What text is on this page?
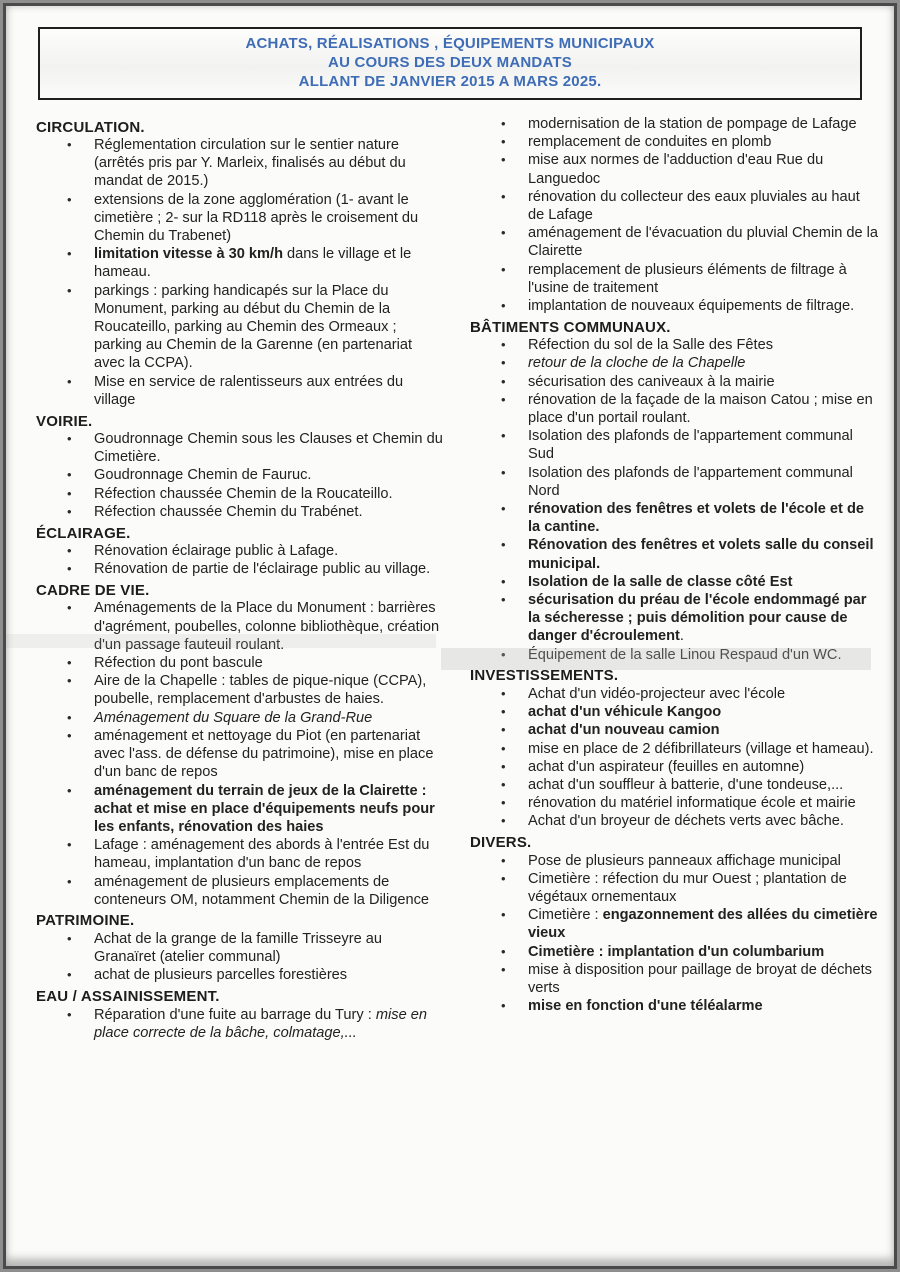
ACHATS, RÉALISATIONS , ÉQUIPEMENTS MUNICIPAUX
AU COURS DES DEUX MANDATS
ALLANT DE JANVIER 2015 A MARS 2025.
CIRCULATION.
•	Réglementation circulation sur le sentier nature (arrêtés pris par Y. Marleix, finalisés au début du mandat de 2015.)
•	extensions de la zone agglomération (1- avant le cimetière ; 2- sur la RD118 après le croisement du Chemin du Trabenet)
•	limitation vitesse à 30 km/h dans le village et le hameau.
•	parkings : parking handicapés sur la Place du Monument, parking au début du Chemin de la Roucateillo, parking au Chemin des Ormeaux ; parking au Chemin de la Garenne (en partenariat avec la CCPA).
•	Mise en service de ralentisseurs aux entrées du village
VOIRIE.
•	Goudronnage Chemin sous les Clauses et Chemin du Cimetière.
•	Goudronnage Chemin de Fauruc.
•	Réfection chaussée Chemin de la Roucateillo.
•	Réfection chaussée Chemin du Trabénet.
ÉCLAIRAGE.
•	Rénovation éclairage public à Lafage.
•	Rénovation de partie de l'éclairage public au village.
CADRE DE VIE.
•	Aménagements de la Place du Monument : barrières d'agrément, poubelles, colonne bibliothèque, création d'un passage fauteuil roulant.
•	Réfection du pont bascule
•	Aire de la Chapelle : tables de pique-nique (CCPA), poubelle, remplacement d'arbustes de haies.
•	Aménagement du Square de la Grand-Rue
•	aménagement et nettoyage du Piot (en partenariat avec l'ass. de défense du patrimoine), mise en place d'un banc de repos
•	aménagement du terrain de jeux de la Clairette : achat et mise en place d'équipements neufs pour les enfants, rénovation des haies
•	Lafage : aménagement des abords à l'entrée Est du hameau, implantation d'un banc de repos
•	aménagement de plusieurs emplacements de conteneurs OM, notamment Chemin de la Diligence
PATRIMOINE.
•	Achat de la grange de la famille Trisseyre au Granaïret (atelier communal)
•	achat de plusieurs parcelles forestières
EAU / ASSAINISSEMENT.
•	Réparation d'une fuite au barrage du Tury : mise en place correcte de la bâche, colmatage,...
•	modernisation de la station de pompage de Lafage
•	remplacement de conduites en plomb
•	mise aux normes de l'adduction d'eau Rue du Languedoc
•	rénovation du collecteur des eaux pluviales au haut de Lafage
•	aménagement de l'évacuation du pluvial Chemin de la Clairette
•	remplacement de plusieurs éléments de filtrage à l'usine de traitement
•	implantation de nouveaux équipements de filtrage.
BÂTIMENTS COMMUNAUX.
•	Réfection du sol de la Salle des Fêtes
•	retour de la cloche de la Chapelle
•	sécurisation des caniveaux à la mairie
•	rénovation de la façade de la maison Catou ; mise en place d'un portail roulant.
•	Isolation des plafonds de l'appartement communal Sud
•	Isolation des plafonds de l'appartement communal Nord
•	rénovation des fenêtres et volets de l'école et de la cantine.
•	Rénovation des fenêtres et volets salle du conseil municipal.
•	Isolation de la salle de classe côté Est
•	sécurisation du préau de l'école endommagé par la sécheresse ; puis démolition pour cause de danger d'écroulement.
•	Équipement de la salle Linou Respaud d'un WC.
INVESTISSEMENTS.
•	Achat d'un vidéo-projecteur avec l'école
•	achat d'un véhicule Kangoo
•	achat d'un nouveau camion
•	mise en place de 2 défibrillateurs (village et hameau).
•	achat d'un aspirateur (feuilles en automne)
•	achat d'un souffleur à batterie, d'une tondeuse,...
•	rénovation du matériel informatique école et mairie
•	Achat d'un broyeur de déchets verts avec bâche.
DIVERS.
•	Pose de plusieurs panneaux affichage municipal
•	Cimetière : réfection du mur Ouest ; plantation de végétaux ornementaux
•	Cimetière : engazonnement des allées du cimetière vieux
•	Cimetière : implantation d'un columbarium
•	mise à disposition pour paillage de broyat de déchets verts
•	mise en fonction d'une téléalarme
